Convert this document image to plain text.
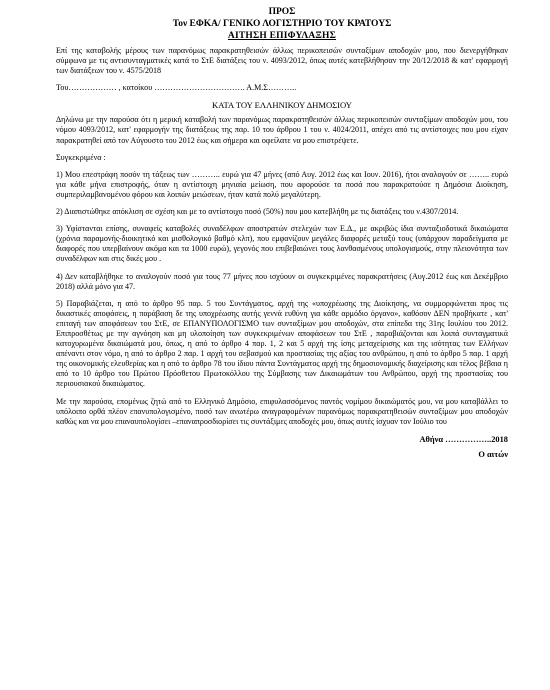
ΠΡΟΣ
Τον ΕΦΚΑ/ ΓΕΝΙΚΟ ΛΟΓΙΣΤΗΡΙΟ ΤΟΥ ΚΡΑΤΟΥΣ
ΑΙΤΗΣΗ ΕΠΙΦΥΛΑΞΗΣ

Επί της καταβολής μέρους των παρανόμως παρακρατηθεισών άλλως περικοπεισών συνταξίμων αποδοχών μου, που διενεργήθηκαν σύμφωνα με τις αντισυνταγματικές κατά το ΣτΕ διατάξεις του ν. 4093/2012, όπως αυτές κατεβλήθησαν την 20/12/2018 & κατ' εφαρμογή των διατάξεων του ν. 4575/2018

Του……………… , κατοίκου ……………………………. Α.Μ.Σ………..

ΚΑΤΑ ΤΟΥ ΕΛΛΗΝΙΚΟΥ ΔΗΜΟΣΙΟΥ

Δηλώνω με την παρούσα ότι η μερική καταβολή των παρανόμως παρακρατηθεισών άλλως περικοπεισών συνταξίμων αποδοχών μου, του νόμου 4093/2012, κατ' εφαρμογήν της διατάξεως της παρ. 10 του άρθρου 1 του ν. 4024/2011, απέχει από τις αντίστοιχες που μου είχαν παρακρατηθεί από τον Αύγουστο του 2012 έως και σήμερα και οφείλατε να μου επιστρέψετε.

Συγκεκριμένα :

1) Μου επεστράφη ποσόν τη τάξεως των ……….. ευρώ για 47 μήνες (από Αυγ. 2012 έως και Ιουν. 2016), ήτοι αναλογούν σε …….. ευρώ για κάθε μήνα επιστροφής, όταν η αντίστοιχη μηνιαία μείωση, που αφορούσε τα ποσά που παρακρατούσε η Δημόσια Διοίκηση, συμπεριλαμβανομένου φόρου και λοιπών μειώσεων, ήταν κατά πολύ μεγαλύτερη.

2) Διαπιστώθηκε απόκλιση σε σχέση και με το αντίστοιχο ποσό (50%) που μου κατεβλήθη με τις διατάξεις του ν.4307/2014.

3) Υφίστανται επίσης, συναφείς καταβολές συναδέλφων αποστρατών στελεχών των Ε.Δ., με ακριβώς ίδια συνταξιοδοτικά δικαιώματα (χρόνια παραμονής-διοικητικό και μισθολογικό βαθμό κλπ), που εμφανίζουν μεγάλες διαφορές μεταξύ τους (υπάρχουν παραδείγματα με διαφορές που υπερβαίνουν ακόμα και τα 1000 ευρώ), γεγονός που επιβεβαιώνει τους λανθασμένους υπολογισμούς, στην πλειονότητα των συναδέλφων και στις δικές μου .

4) Δεν καταβλήθηκε το αναλογούν ποσό για τους 77 μήνες που ισχύουν οι συγκεκριμένες παρακρατήσεις (Αυγ.2012 έως και Δεκέμβριο 2018) αλλά μόνο για 47.

5) Παραβιάζεται, η από το άρθρο 95 παρ. 5 του Συντάγματος, αρχή της «υποχρέωσης της Διοίκησης, να συμμορφώνεται προς τις δικαστικές αποφάσεις, η παράβαση δε της υποχρέωσης αυτής γεννά ευθύνη για κάθε αρμόδιο όργανο», καθόσον ΔΕΝ προβήκατε , κατ' επιταγή των αποφάσεων του ΣτΕ, σε ΕΠΑΝΥΠΟΛΟΓΙΣΜΟ των συνταξίμων μου αποδοχών, στα επίπεδα της 31ης Ιουλίου του 2012. Επιπροσθέτως με την αγνόηση και μη υλοποίηση των συγκεκριμένων αποφάσεων του ΣτΕ , παραβιάζονται και λοιπά συνταγματικά κατοχυρωμένα δικαιώματά μου, όπως, η από το άρθρο 4 παρ. 1, 2 και 5 αρχή της ίσης μεταχείρισης και της ισότητας των Ελλήνων απέναντι στον νόμο, η από το άρθρο 2 παρ. 1 αρχή του σεβασμού και προστασίας της αξίας του ανθρώπου, η από το άρθρο 5 παρ. 1 αρχή της οικονομικής ελευθερίας και η από το άρθρο 78 του ίδιου πάντα Συντάγματος αρχή της δημοσιονομικής διαχείρισης και τέλος βέβαια η από το 10 άρθρο του Πρώτου Πρόσθετου Πρωτοκόλλου της Σύμβασης των Δικαιωμάτων του Ανθρώπου, αρχή της προστασίας του περιουσιακού δικαιώματος.

Με την παρούσα, επομένως ζητώ από το Ελληνικό Δημόσιο, επιφυλασσόμενος παντός νομίμου δικαιώματός μου, να μου καταβάλλει το υπόλοιπο ορθά πλέον επανυπολογισμένο, ποσό των ανωτέρω αναγραφομένων παρανόμως παρακρατηθεισών συνταξίμων μου αποδοχών καθώς και να μου επαναυπολογίσει –επαναπροσδιορίσει τις συντάξιμες αποδοχές μου, όπως αυτές ίσχυαν τον Ιούλιο του

Αθήνα ……………..2018
Ο αιτών
